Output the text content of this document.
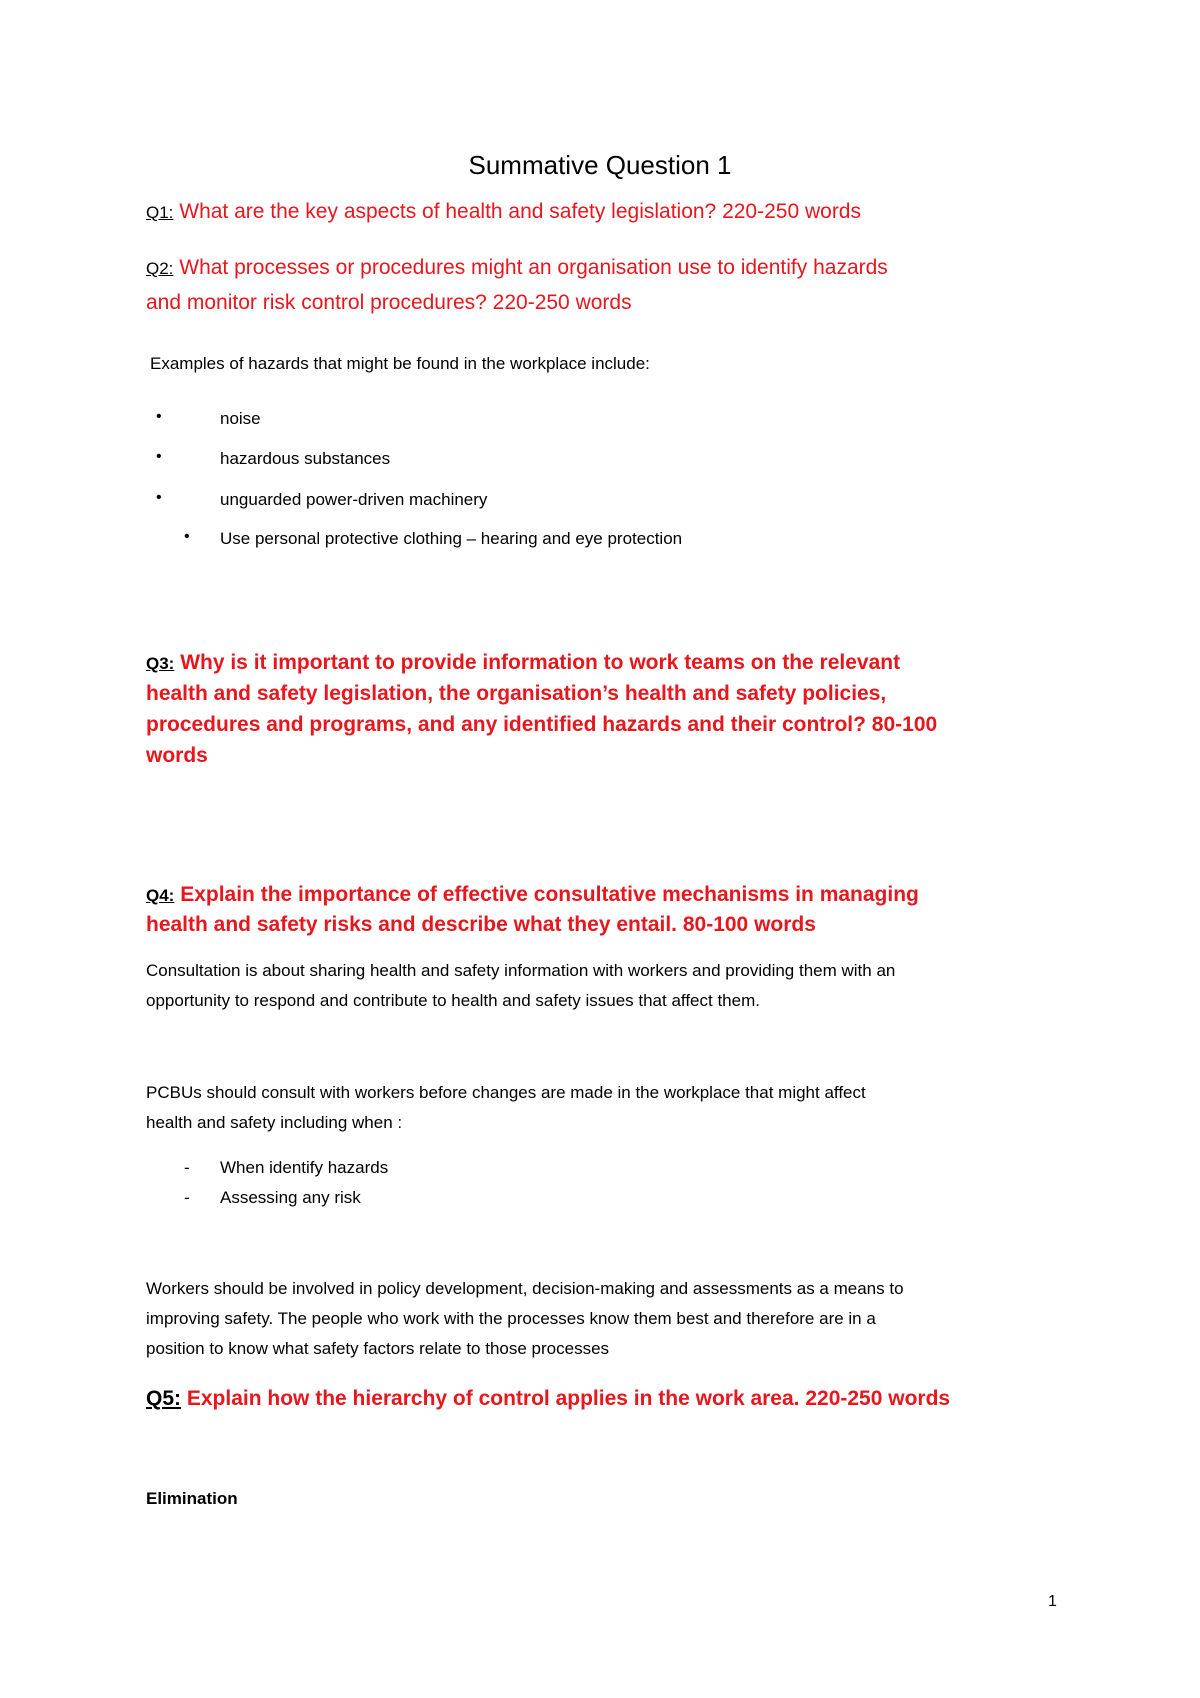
Summative Question 1
Q1: What are the key aspects of health and safety legislation? 220-250 words
Q2: What processes or procedures might an organisation use to identify hazards
and monitor risk control procedures? 220-250 words
Examples of hazards that might be found in the workplace include:
•	noise
•	hazardous substances
•	unguarded power-driven machinery
• Use personal protective clothing – hearing and eye protection
Q3: Why is it important to provide information to work teams on the relevant
health and safety legislation, the organisation’s health and safety policies,
procedures and programs, and any identified hazards and their control? 80-100
words
Q4: Explain the importance of effective consultative mechanisms in managing
health and safety risks and describe what they entail. 80-100 words
Consultation is about sharing health and safety information with workers and providing them with an
opportunity to respond and contribute to health and safety issues that affect them.
PCBUs should consult with workers before changes are made in the workplace that might affect
health and safety including when :
- When identify hazards
- Assessing any risk
Workers should be involved in policy development, decision-making and assessments as a means to
improving safety. The people who work with the processes know them best and therefore are in a
position to know what safety factors relate to those processes
Q5: Explain how the hierarchy of control applies in the work area. 220-250 words
Elimination
1
